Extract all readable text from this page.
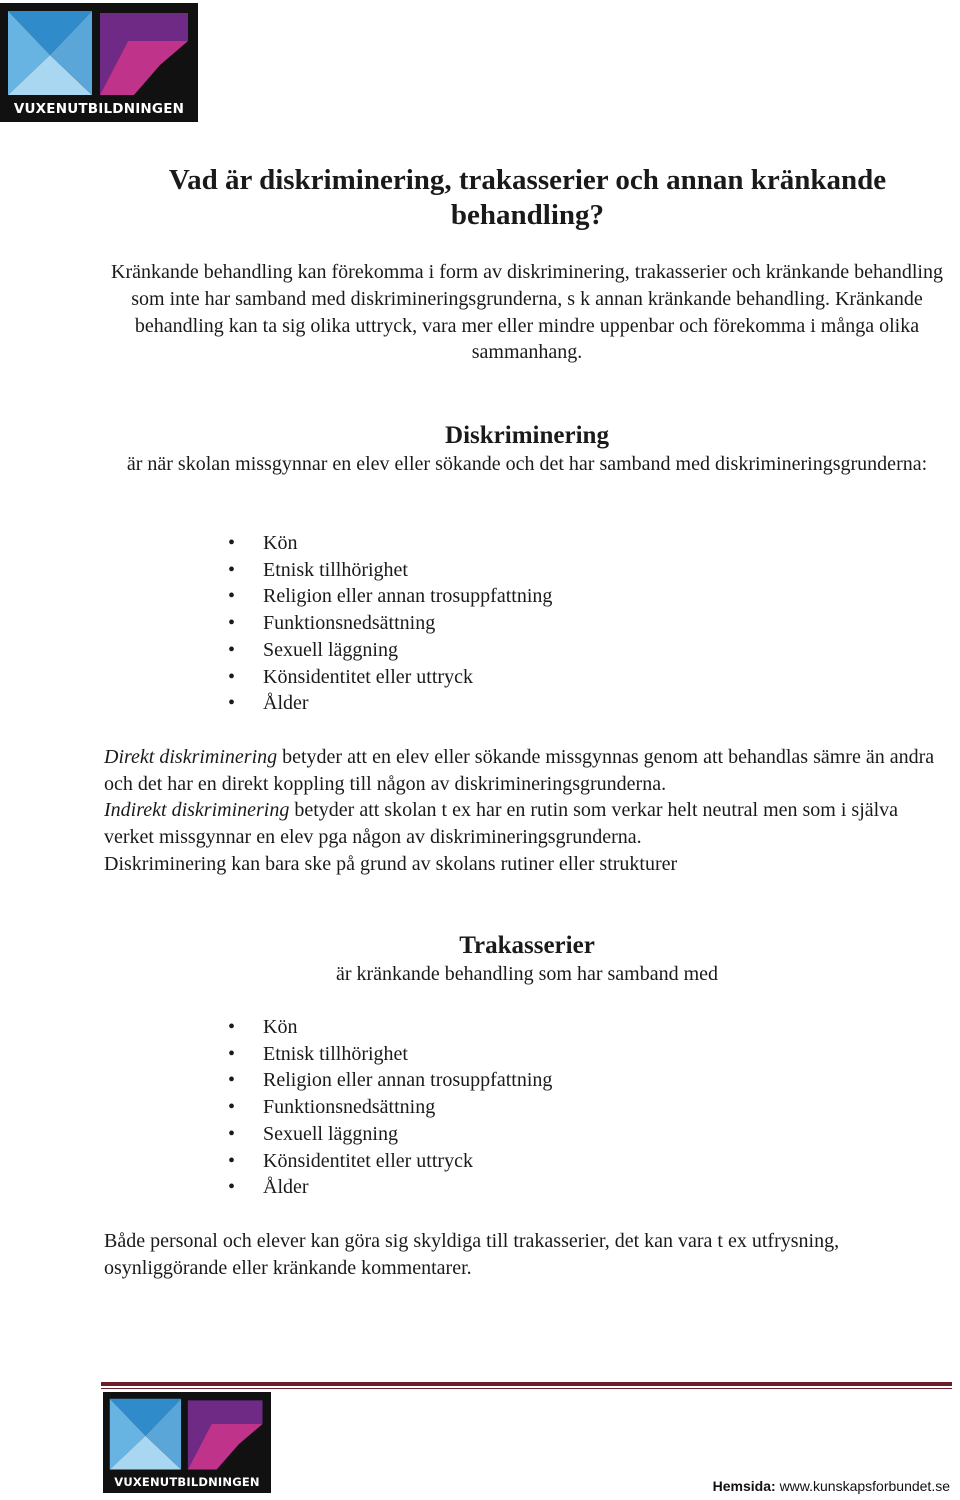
VUXENUTBILDNINGEN
Vad är diskriminering, trakasserier och annan kränkande behandling?

Kränkande behandling kan förekomma i form av diskriminering, trakasserier och kränkande behandling som inte har samband med diskrimineringsgrunderna, s k annan kränkande behandling. Kränkande behandling kan ta sig olika uttryck, vara mer eller mindre uppenbar och förekomma i många olika sammanhang.

Diskriminering

är när skolan missgynnar en elev eller sökande och det har samband med diskrimineringsgrunderna:

• Kön
• Etnisk tillhörighet
• Religion eller annan trosuppfattning
• Funktionsnedsättning
• Sexuell läggning
• Könsidentitet eller uttryck
• Ålder

Direkt diskriminering betyder att en elev eller sökande missgynnas genom att behandlas sämre än andra och det har en direkt koppling till någon av diskrimineringsgrunderna.

Indirekt diskriminering betyder att skolan t ex har en rutin som verkar helt neutral men som i själva verket missgynnar en elev pga någon av diskrimineringsgrunderna.

Diskriminering kan bara ske på grund av skolans rutiner eller strukturer

Trakasserier

är kränkande behandling som har samband med

• Kön
• Etnisk tillhörighet
• Religion eller annan trosuppfattning
• Funktionsnedsättning
• Sexuell läggning
• Könsidentitet eller uttryck
• Ålder

Både personal och elever kan göra sig skyldiga till trakasserier, det kan vara t ex utfrysning, osynliggörande eller kränkande kommentarer.

VUXENUTBILDNINGEN	Hemsida: www.kunskapsforbundet.se
